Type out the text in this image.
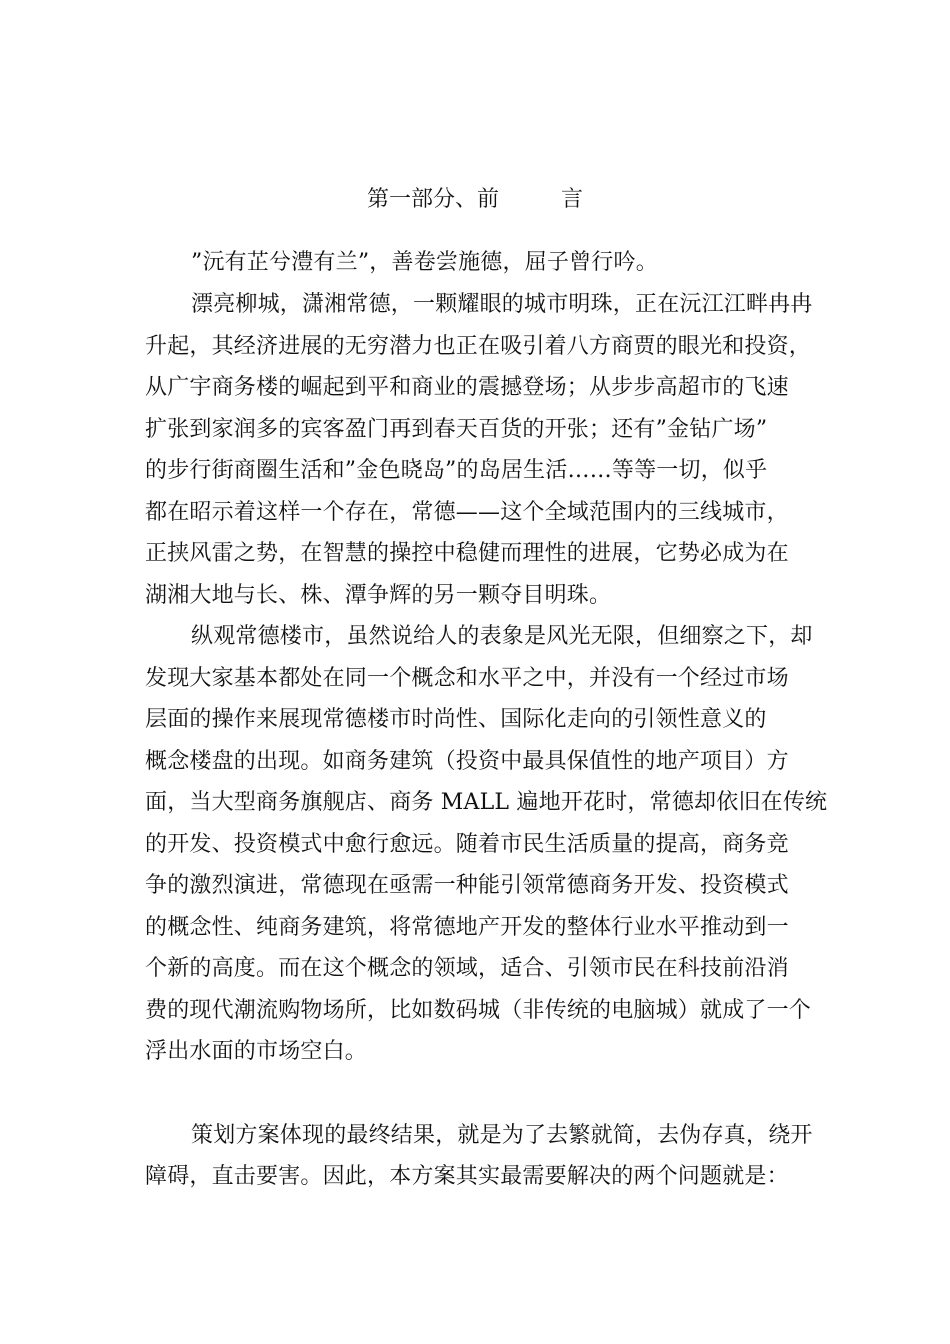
第一部分、前	言
”沅有芷兮澧有兰”，善卷尝施德，屈子曾行吟。
漂亮柳城，潇湘常德，一颗耀眼的城市明珠，正在沅江江畔冉冉
升起，其经济进展的无穷潜力也正在吸引着八方商贾的眼光和投资，
从广宇商务楼的崛起到平和商业的震撼登场；从步步高超市的飞速
扩张到家润多的宾客盈门再到春天百货的开张；还有”金钻广场”
的步行街商圈生活和”金色晓岛”的岛居生活……等等一切，似乎
都在昭示着这样一个存在，常德——这个全域范围内的三线城市，
正挟风雷之势，在智慧的操控中稳健而理性的进展，它势必成为在
湖湘大地与长、株、潭争辉的另一颗夺目明珠。
纵观常德楼市，虽然说给人的表象是风光无限，但细察之下，却
发现大家基本都处在同一个概念和水平之中，并没有一个经过市场
层面的操作来展现常德楼市时尚性、国际化走向的引领性意义的
概念楼盘的出现。如商务建筑（投资中最具保值性的地产项目）方
面，当大型商务旗舰店、商务 MALL 遍地开花时，常德却依旧在传统
的开发、投资模式中愈行愈远。随着市民生活质量的提高，商务竞
争的激烈演进，常德现在亟需一种能引领常德商务开发、投资模式
的概念性、纯商务建筑，将常德地产开发的整体行业水平推动到一
个新的高度。而在这个概念的领域，适合、引领市民在科技前沿消
费的现代潮流购物场所，比如数码城（非传统的电脑城）就成了一个
浮出水面的市场空白。
策划方案体现的最终结果，就是为了去繁就简，去伪存真，绕开
障碍，直击要害。因此，本方案其实最需要解决的两个问题就是：
